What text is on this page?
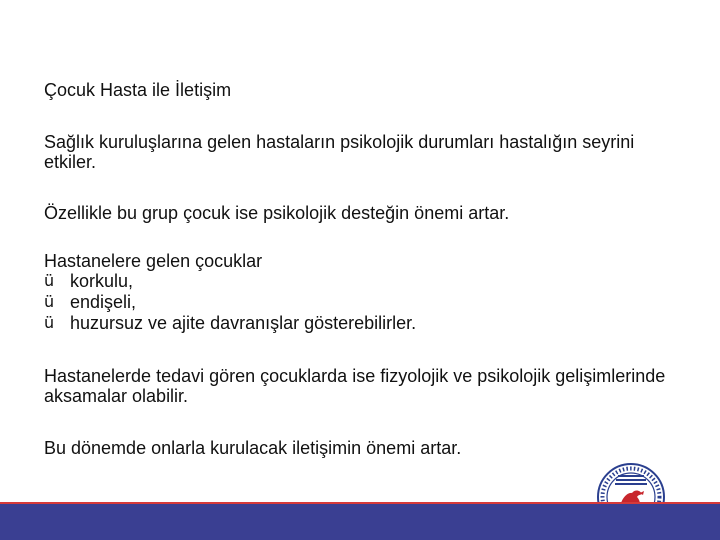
Çocuk Hasta ile İletişim

Sağlık kuruluşlarına gelen hastaların psikolojik durumları hastalığın seyrini etkiler.

Özellikle bu grup çocuk ise psikolojik desteğin önemi artar.

Hastanelere gelen çocuklar

ü korkulu,
ü endişeli,
ü huzursuz ve ajite davranışlar gösterebilirler.

Hastanelerde tedavi gören çocuklarda ise fizyolojik ve psikolojik gelişimlerinde aksamalar olabilir.

Bu dönemde onlarla kurulacak iletişimin önemi artar.
